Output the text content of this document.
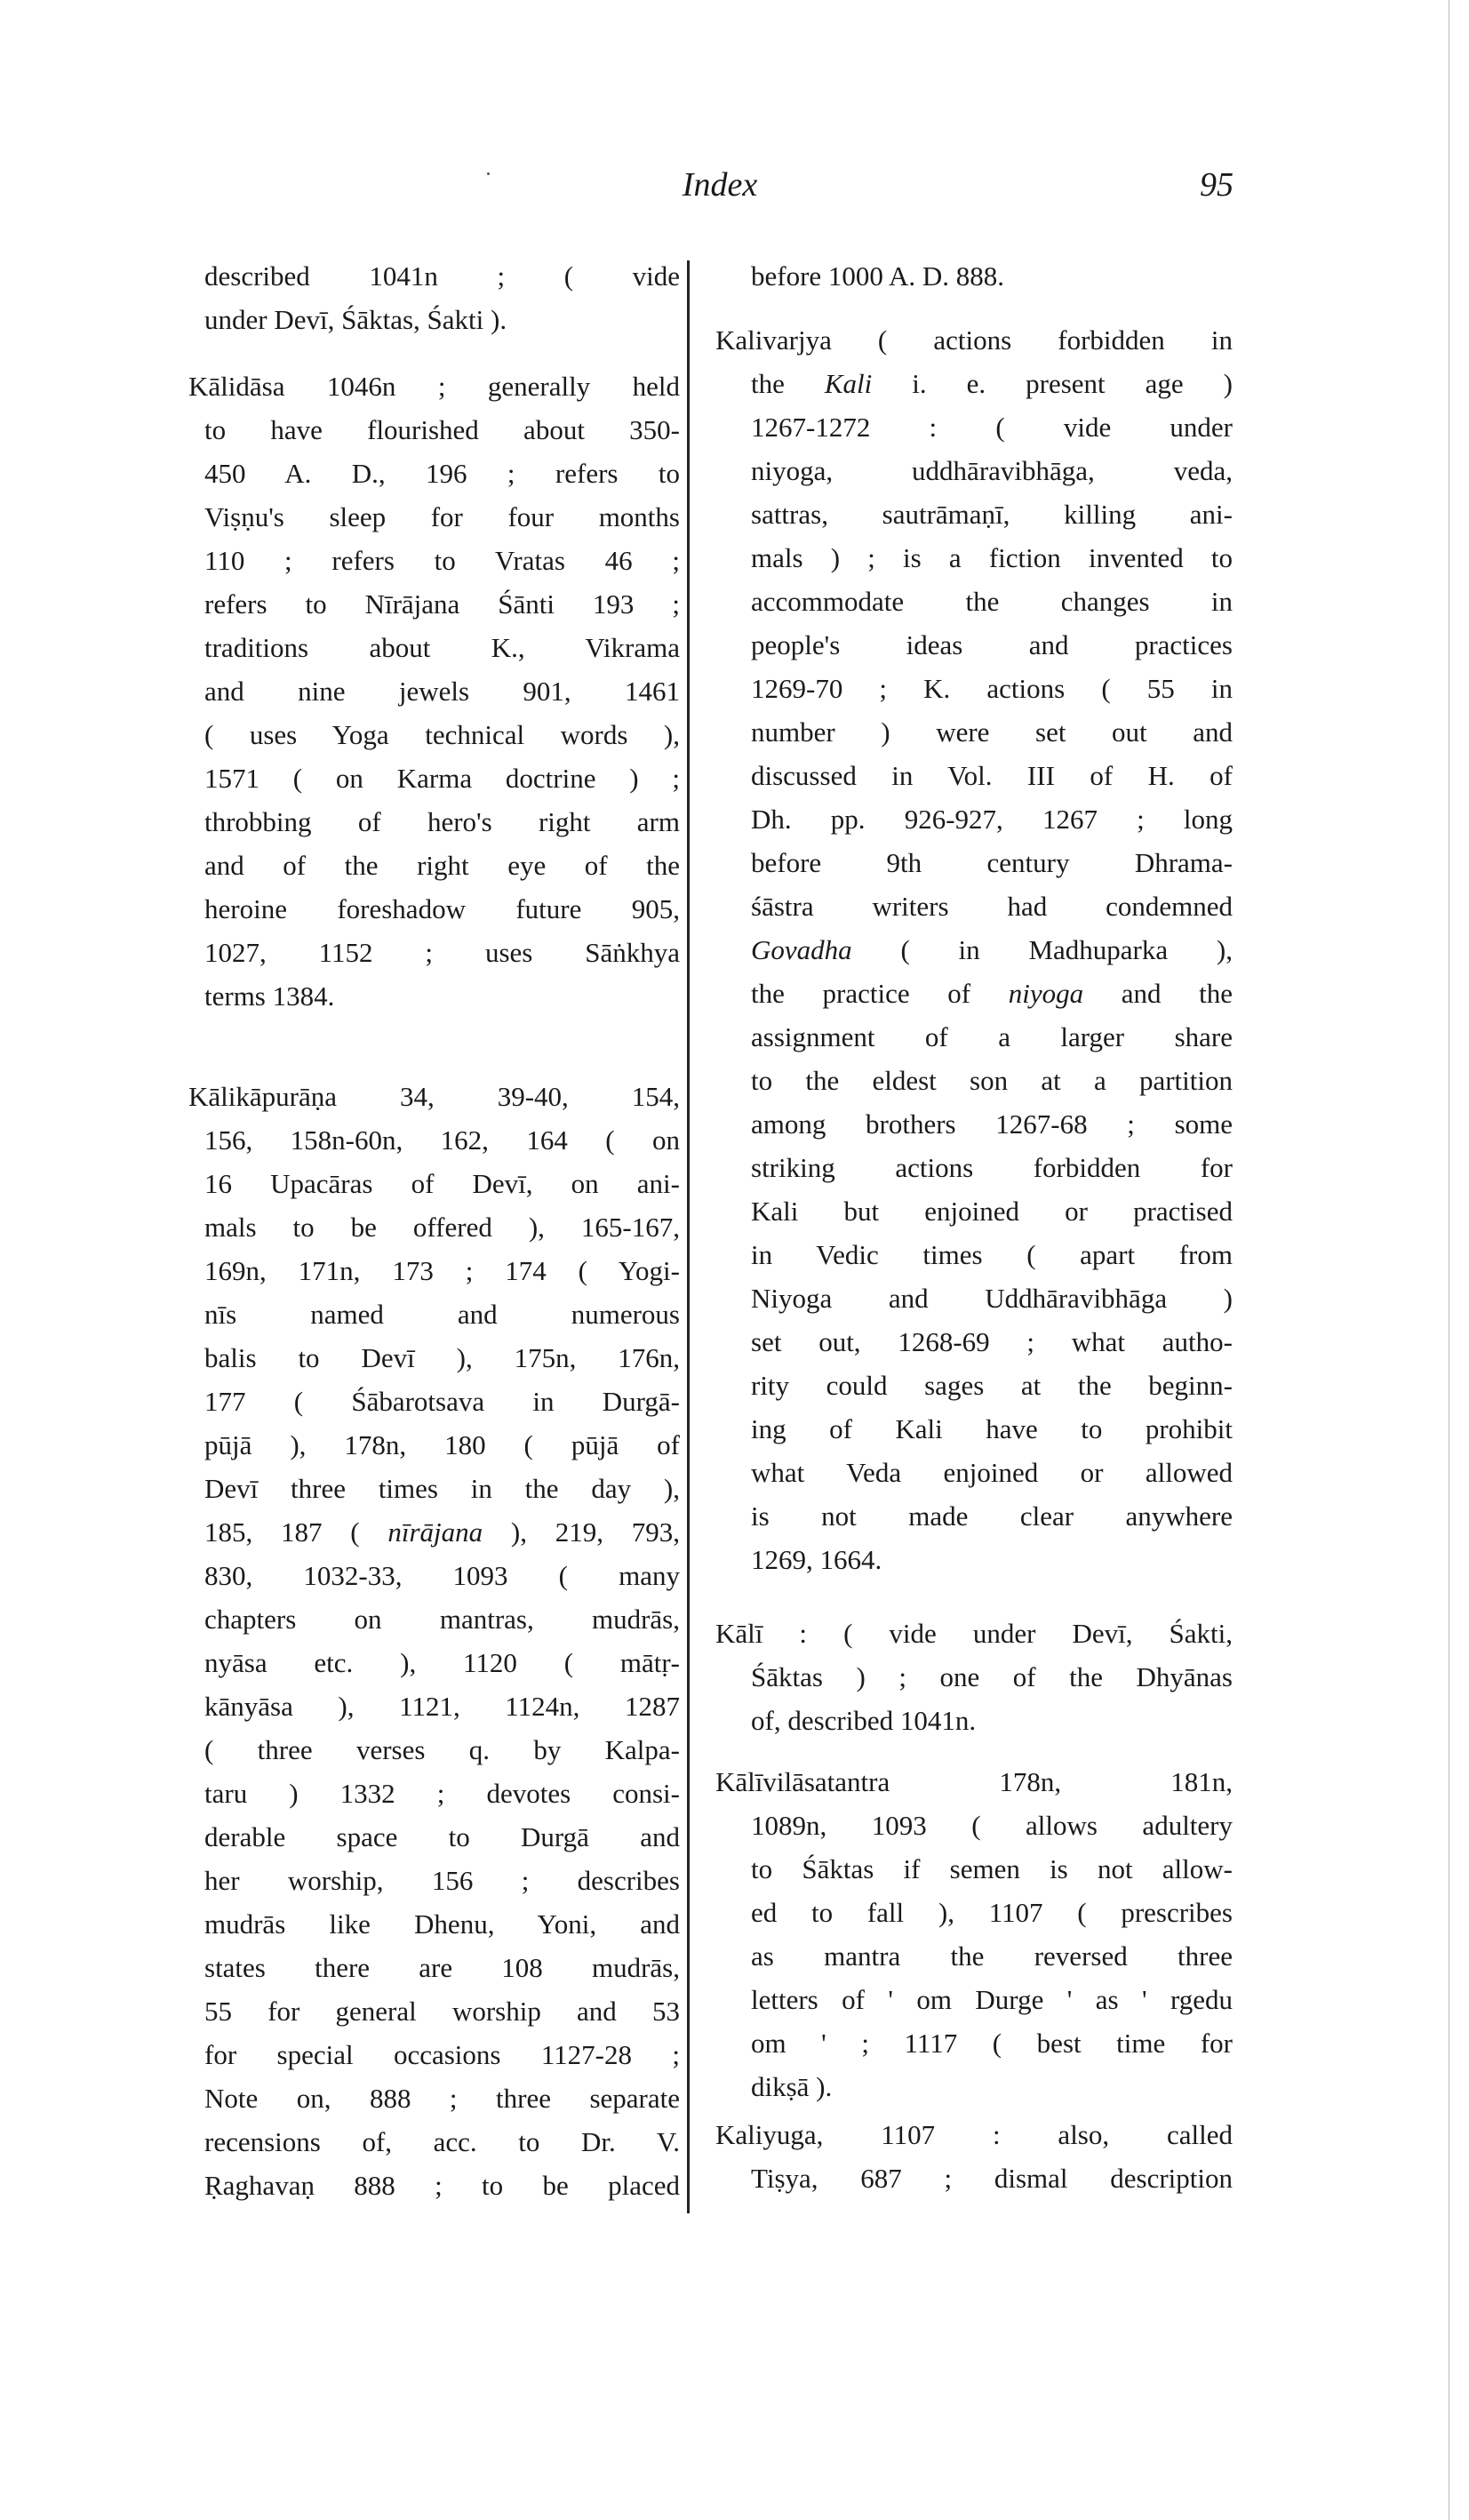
Index	95
described 1041n ; ( vide
under Devī, Śāktas, Śakti ).
Kālidāsa 1046n ; generally held
to have flourished about 350-
450 A. D., 196 ; refers to
Viṣṇu's sleep for four months
110 ; refers to Vratas 46 ;
refers to Nīrājana Śānti 193 ;
traditions about K., Vikrama
and nine jewels 901, 1461
( uses Yoga technical words ),
1571 ( on Karma doctrine ) ;
throbbing of hero's right arm
and of the right eye of the
heroine foreshadow future 905,
1027, 1152 ; uses Sāṅkhya
terms 1384.
Kālikāpurāṇa 34, 39-40, 154,
156, 158n-60n, 162, 164 ( on
16 Upacāras of Devī, on ani-
mals to be offered ), 165-167,
169n, 171n, 173 ; 174 ( Yogi-
nīs named and numerous
balis to Devī ), 175n, 176n,
177 ( Śābarotsava in Durgā-
pūjā ), 178n, 180 ( pūjā of
Devī three times in the day ),
185, 187 ( nīrājana ), 219, 793,
830, 1032-33, 1093 ( many
chapters on mantras, mudrās,
nyāsa etc. ), 1120 ( mātṛ-
kānyāsa ), 1121, 1124n, 1287
( three verses q. by Kalpa-
taru ) 1332 ; devotes consi-
derable space to Durgā and
her worship, 156 ; describes
mudrās like Dhenu, Yoni, and
states there are 108 mudrās,
55 for general worship and 53
for special occasions 1127-28 ;
Note on, 888 ; three separate
recensions of, acc. to Dr. V.
Ṛaghavaṇ 888 ; to be placed
before 1000 A. D. 888.
Kalivarjya ( actions forbidden in
the Kali i. e. present age )
1267-1272 : ( vide under
niyoga, uddhāravibhāga, veda,
sattras, sautrāmaṇī, killing ani-
mals ) ; is a fiction invented to
accommodate the changes in
people's ideas and practices
1269-70 ; K. actions ( 55 in
number ) were set out and
discussed in Vol. III of H. of
Dh. pp. 926-927, 1267 ; long
before 9th century Dhrama-
śāstra writers had condemned
Govadha ( in Madhuparka ),
the practice of niyoga and the
assignment of a larger share
to the eldest son at a partition
among brothers 1267-68 ; some
striking actions forbidden for
Kali but enjoined or practised
in Vedic times ( apart from
Niyoga and Uddhāravibhāga )
set out, 1268-69 ; what autho-
rity could sages at the beginn-
ing of Kali have to prohibit
what Veda enjoined or allowed
is not made clear anywhere
1269, 1664.
Kālī : ( vide under Devī, Śakti,
Śāktas ) ; one of the Dhyānas
of, described 1041n.
Kālīvilāsatantra 178n, 181n,
1089n, 1093 ( allows adultery
to Śāktas if semen is not allow-
ed to fall ), 1107 ( prescribes
as mantra the reversed three
letters of ' om Durge ' as ' rgedu
om ' ; 1117 ( best time for
dikṣā ).
Kaliyuga, 1107 : also, called
Tiṣya, 687 ; dismal description
